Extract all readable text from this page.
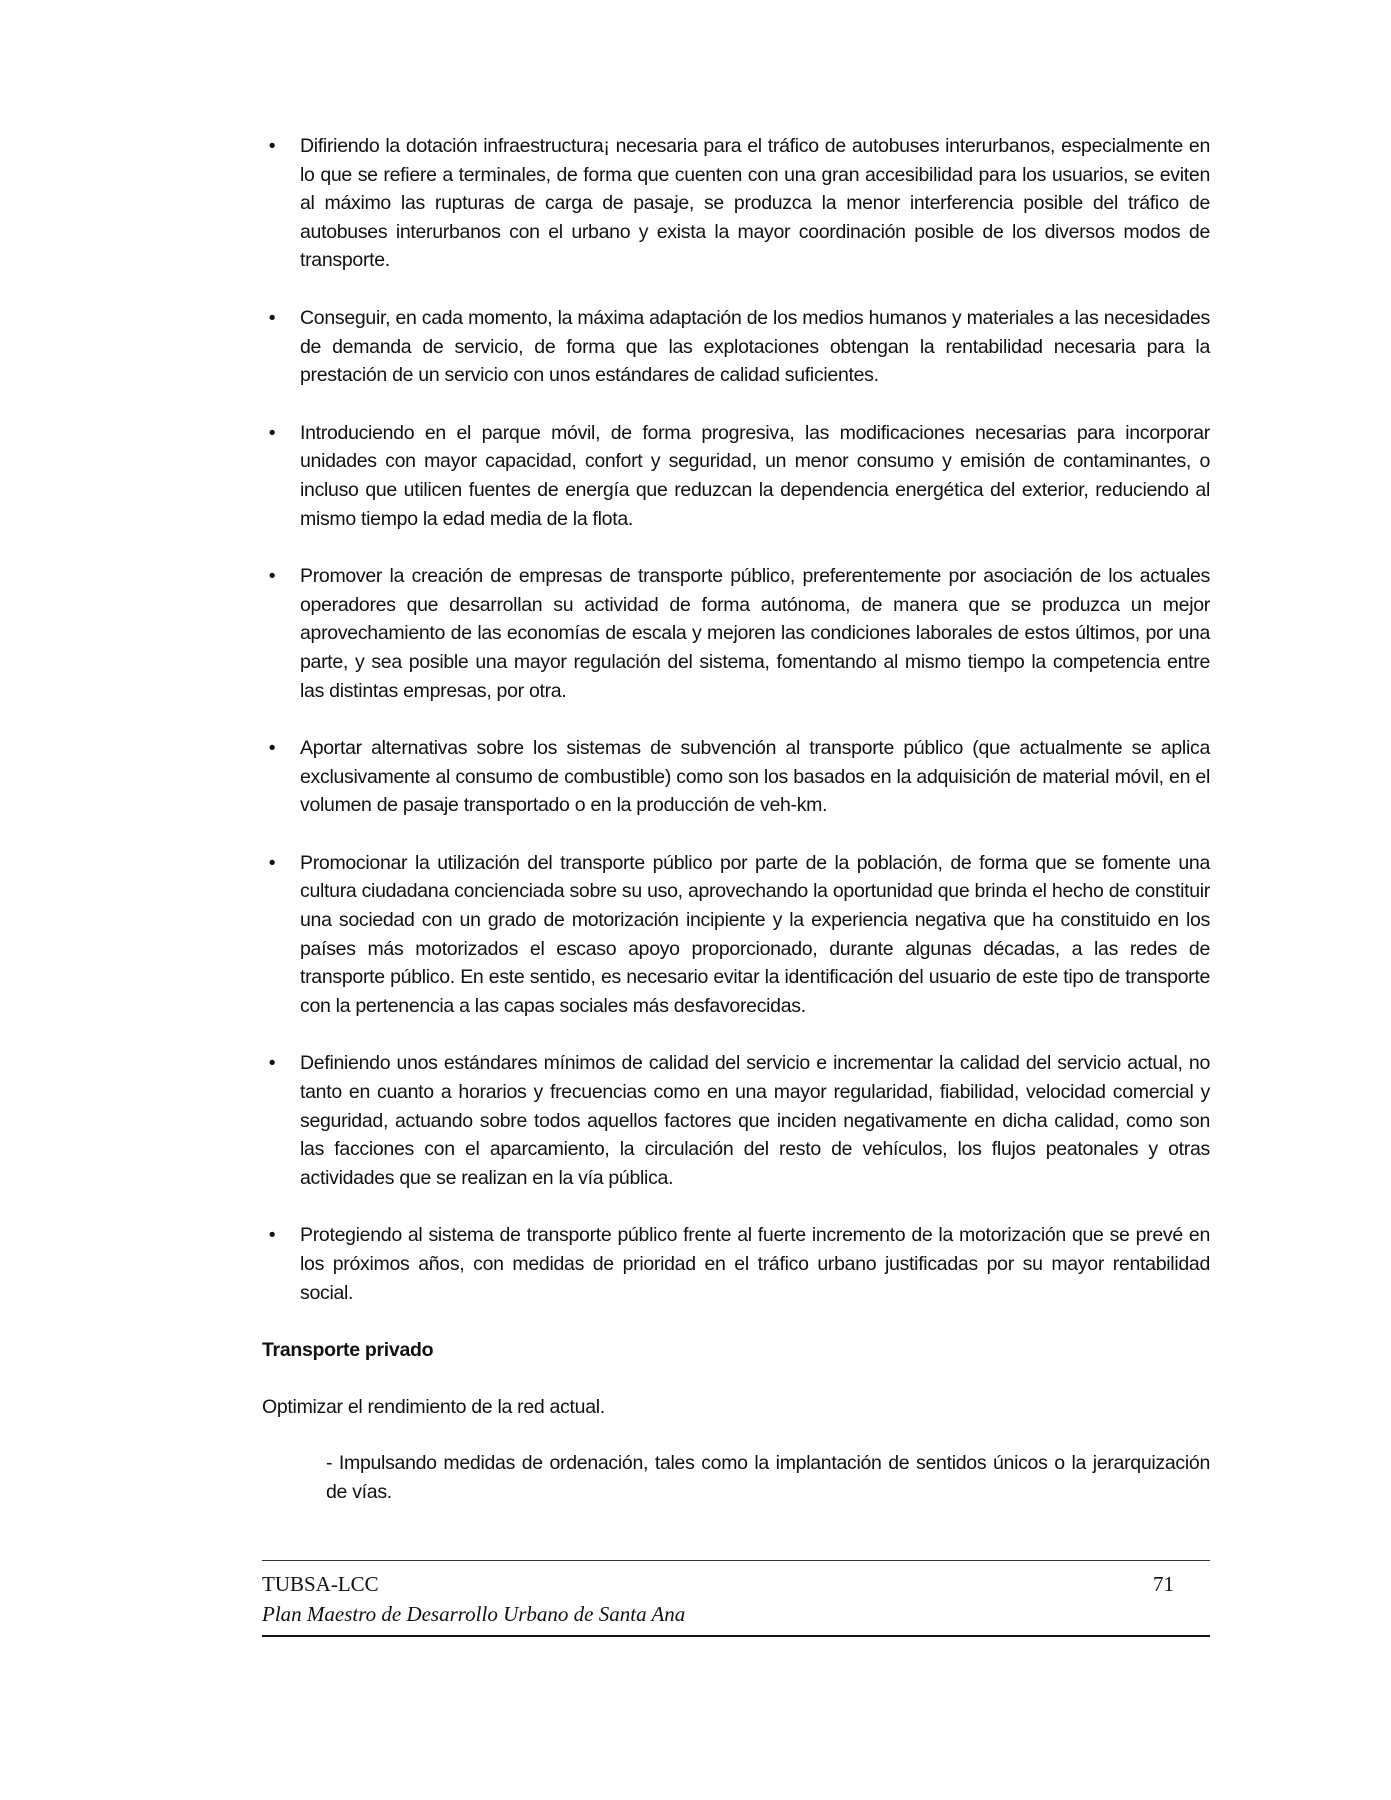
•	Difiriendo la dotación infraestructura¡ necesaria para el tráfico de autobuses interurbanos, especialmente en lo que se refiere a terminales, de forma que cuenten con una gran accesibilidad para los usuarios, se eviten al máximo las rupturas de carga de pasaje, se produzca la menor interferencia posible del tráfico de autobuses interurbanos con el urbano y exista la mayor coordinación posible de los diversos modos de transporte.
•	Conseguir, en cada momento, la máxima adaptación de los medios humanos y materiales a las necesidades de demanda de servicio, de forma que las explotaciones obtengan la rentabilidad necesaria para la prestación de un servicio con unos estándares de calidad suficientes.
•	Introduciendo en el parque móvil, de forma progresiva, las modificaciones necesarias para incorporar unidades con mayor capacidad, confort y seguridad, un menor consumo y emisión de contaminantes, o incluso que utilicen fuentes de energía que reduzcan la dependencia energética del exterior, reduciendo al mismo tiempo la edad media de la flota.
•	Promover la creación de empresas de transporte público, preferentemente por asociación de los actuales operadores que desarrollan su actividad de forma autónoma, de manera que se produzca un mejor aprovechamiento de las economías de escala y mejoren las condiciones laborales de estos últimos, por una parte, y sea posible una mayor regulación del sistema, fomentando al mismo tiempo la competencia entre las distintas empresas, por otra.
•	Aportar alternativas sobre los sistemas de subvención al transporte público (que actualmente se aplica exclusivamente al consumo de combustible) como son los basados en la adquisición de material móvil, en el volumen de pasaje transportado o en la producción de veh-km.
•	Promocionar la utilización del transporte público por parte de la población, de forma que se fomente una cultura ciudadana concienciada sobre su uso, aprovechando la oportunidad que brinda el hecho de constituir una sociedad con un grado de motorización incipiente y la experiencia negativa que ha constituido en los países más motorizados el escaso apoyo proporcionado, durante algunas décadas, a las redes de transporte público. En este sentido, es necesario evitar la identificación del usuario de este tipo de transporte con la pertenencia a las capas sociales más desfavorecidas.
•	Definiendo unos estándares mínimos de calidad del servicio e incrementar la calidad del servicio actual, no tanto en cuanto a horarios y frecuencias como en una mayor regularidad, fiabilidad, velocidad comercial y seguridad, actuando sobre todos aquellos factores que inciden negativamente en dicha calidad, como son las facciones con el aparcamiento, la circulación del resto de vehículos, los flujos peatonales y otras actividades que se realizan en la vía pública.
•	Protegiendo al sistema de transporte público frente al fuerte incremento de la motorización que se prevé en los próximos años, con medidas de prioridad en el tráfico urbano justificadas por su mayor rentabilidad social.
Transporte privado
Optimizar el rendimiento de la red actual.
- Impulsando medidas de ordenación, tales como la implantación de sentidos únicos o la jerarquización de vías.
TUBSA-LCC	71
Plan Maestro de Desarrollo Urbano de Santa Ana
